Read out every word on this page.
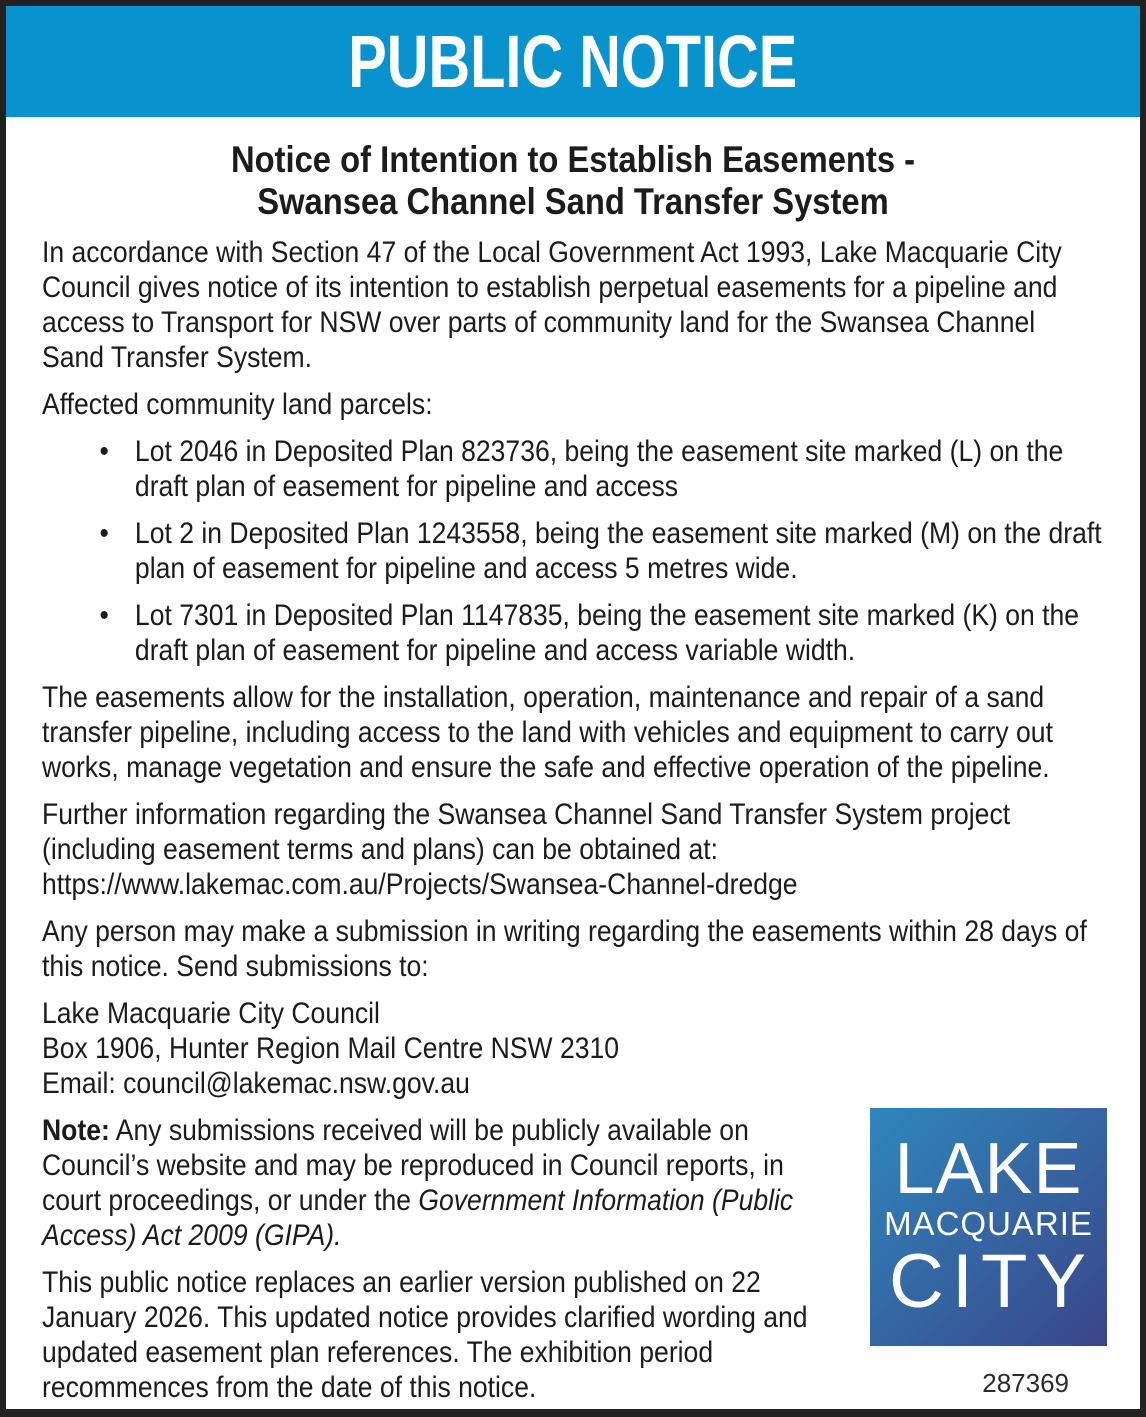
PUBLIC NOTICE
Notice of Intention to Establish Easements -
Swansea Channel Sand Transfer System

In accordance with Section 47 of the Local Government Act 1993, Lake Macquarie City Council gives notice of its intention to establish perpetual easements for a pipeline and access to Transport for NSW over parts of community land for the Swansea Channel Sand Transfer System.

Affected community land parcels:

• Lot 2046 in Deposited Plan 823736, being the easement site marked (L) on the draft plan of easement for pipeline and access
• Lot 2 in Deposited Plan 1243558, being the easement site marked (M) on the draft plan of easement for pipeline and access 5 metres wide.
• Lot 7301 in Deposited Plan 1147835, being the easement site marked (K) on the draft plan of easement for pipeline and access variable width.

The easements allow for the installation, operation, maintenance and repair of a sand transfer pipeline, including access to the land with vehicles and equipment to carry out works, manage vegetation and ensure the safe and effective operation of the pipeline.

Further information regarding the Swansea Channel Sand Transfer System project (including easement terms and plans) can be obtained at: https://www.lakemac.com.au/Projects/Swansea-Channel-dredge

Any person may make a submission in writing regarding the easements within 28 days of this notice. Send submissions to:

Lake Macquarie City Council
Box 1906, Hunter Region Mail Centre NSW 2310
Email: council@lakemac.nsw.gov.au

Note: Any submissions received will be publicly available on Council’s website and may be reproduced in Council reports, in court proceedings, or under the Government Information (Public Access) Act 2009 (GIPA).

This public notice replaces an earlier version published on 22 January 2026. This updated notice provides clarified wording and updated easement plan references. The exhibition period recommences from the date of this notice.

LAKE
MACQUARIE
CITY
287369
